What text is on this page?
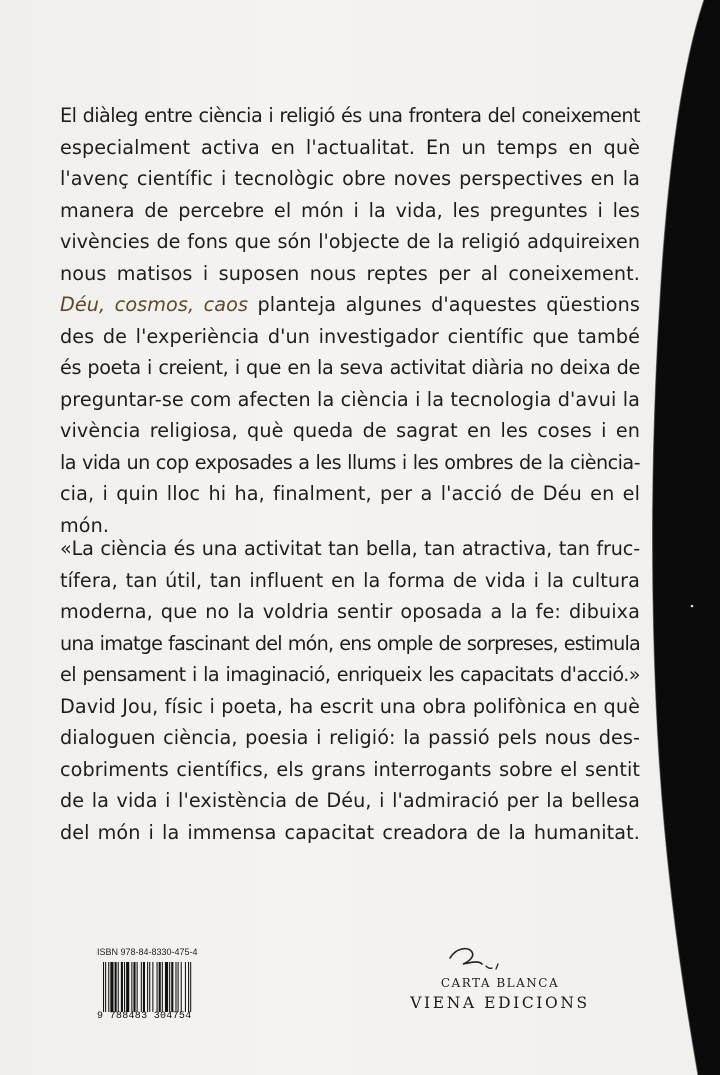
El diàleg entre ciència i religió és una frontera del coneixement
especialment activa en l'actualitat. En un temps en què
l'avenç científic i tecnològic obre noves perspectives en la
manera de percebre el món i la vida, les preguntes i les
vivències de fons que són l'objecte de la religió adquireixen
nous matisos i suposen nous reptes per al coneixement.
Déu, cosmos, caos planteja algunes d'aquestes qüestions
des de l'experiència d'un investigador científic que també
és poeta i creient, i que en la seva activitat diària no deixa de
preguntar-se com afecten la ciència i la tecnologia d'avui la
vivència religiosa, què queda de sagrat en les coses i en
la vida un cop exposades a les llums i les ombres de la ciència-
cia, i quin lloc hi ha, finalment, per a l'acció de Déu en el
món.
«La ciència és una activitat tan bella, tan atractiva, tan fruc-
tífera, tan útil, tan influent en la forma de vida i la cultura
moderna, que no la voldria sentir oposada a la fe: dibuixa
una imatge fascinant del món, ens omple de sorpreses, estimula
el pensament i la imaginació, enriqueix les capacitats d'acció.»
David Jou, físic i poeta, ha escrit una obra polifònica en què
dialoguen ciència, poesia i religió: la passió pels nous des-
cobriments científics, els grans interrogants sobre el sentit
de la vida i l'existència de Déu, i l'admiració per la bellesa
del món i la immensa capacitat creadora de la humanitat.
ISBN 978-84-8330-475-4
9 788483 304754
CARTA BLANCA
VIENA EDICIONS
